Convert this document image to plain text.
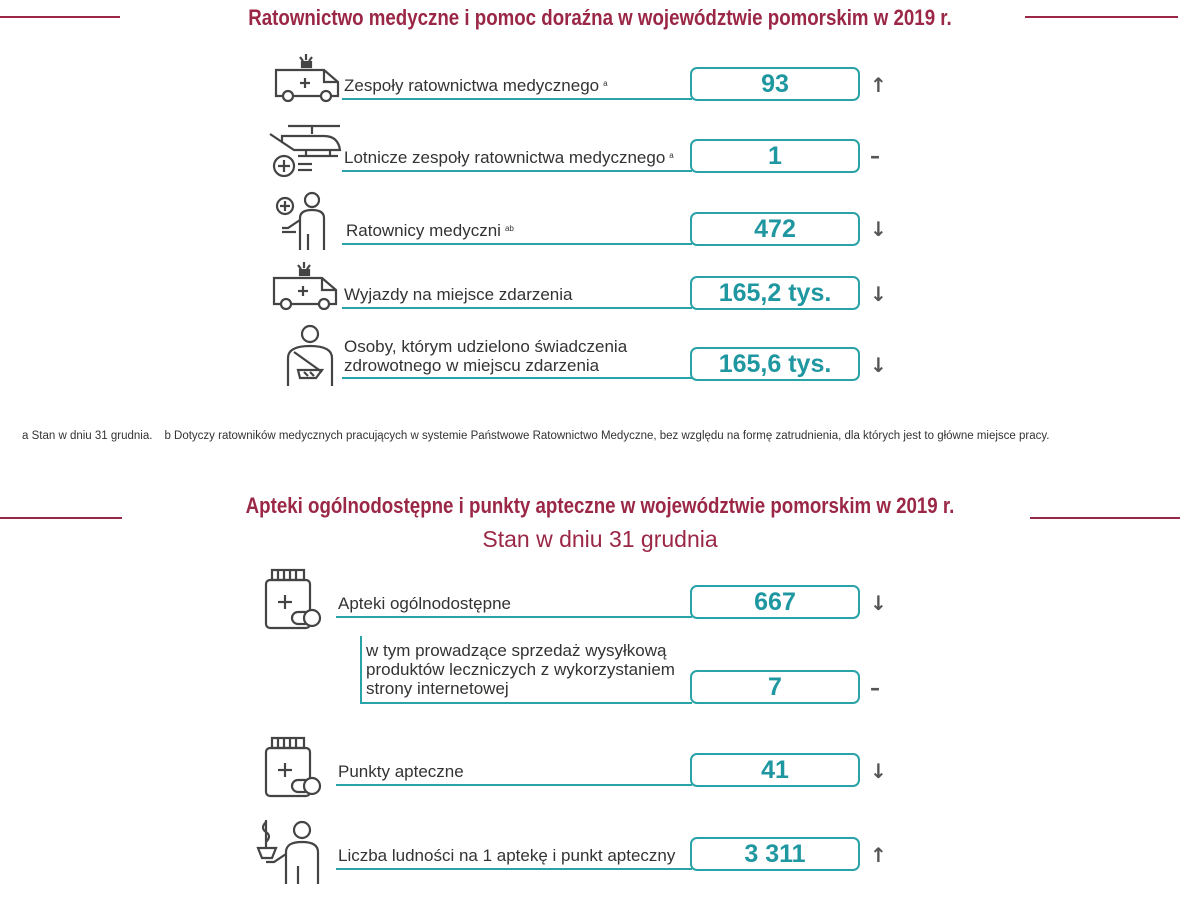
Ratownictwo medyczne i pomoc doraźna w województwie pomorskim w 2019 r.
Zespoły ratownictwa medycznego $^a$	93	↑
Lotnicze zespoły ratownictwa medycznego $^a$	1	–
Ratownicy medyczni $^{ab}$	472	↓
Wyjazdy na miejsce zdarzenia	165,2 tys.	↓
Osoby, którym udzielono świadczenia
zdrowotnego w miejscu zdarzenia	165,6 tys.	↓
a Stan w dniu 31 grudnia. b Dotyczy ratowników medycznych pracujących w systemie Państwowe Ratownictwo Medyczne, bez względu na formę zatrudnienia, dla których jest to główne miejsce pracy.
Apteki ogólnodostępne i punkty apteczne w województwie pomorskim w 2019 r.
Stan w dniu 31 grudnia
Apteki ogólnodostępne	667	↓
w tym prowadzące sprzedaż wysyłkową
produktów leczniczych z wykorzystaniem
strony internetowej	7	–
Punkty apteczne	41	↓
Liczba ludności na 1 aptekę i punkt apteczny	3 311	↑
